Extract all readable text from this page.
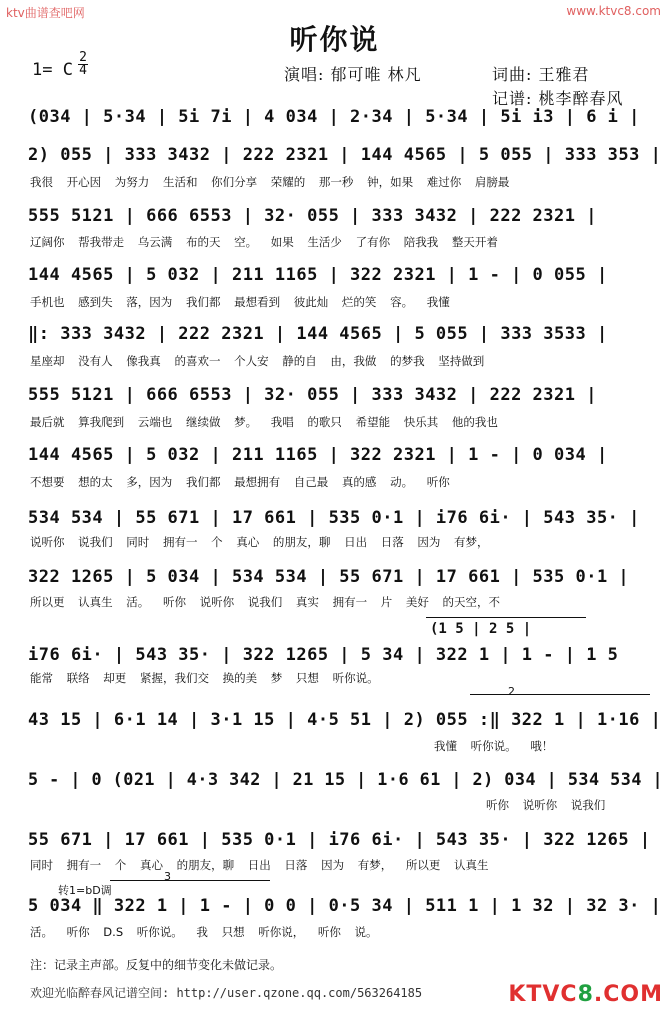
ktv曲谱查吧网	www.ktvc8.com
听你说
1= C
2
4	演唱: 郁可唯 林凡	词曲: 王雅君
记谱: 桃李醉春风
(034 | 5·34 | 5i 7i | 4 034 | 2·34 | 5·34 | 5i i3 | 6 i |
2) 055 | 333 3432 | 222 2321 | 144 4565 | 5 055 | 333 353 |
我很 开心因 为努力 生活和 你们分享 荣耀的 那一秒 钟，如果 难过你 肩膀最
555 5121 | 666 6553 | 32· 055 | 333 3432 | 222 2321 |
辽阔你 帮我带走 乌云满 布的天 空。 如果 生活少 了有你 陪我我 整天开着
144 4565 | 5 032 | 211 1165 | 322 2321 | 1 - | 0 055 |
手机也 感到失 落，因为 我们都 最想看到 彼此灿 烂的笑 容。 我懂
‖: 333 3432 | 222 2321 | 144 4565 | 5 055 | 333 3533 |
星座却 没有人 像我真 的喜欢一 个人安 静的自 由，我做 的梦我 坚持做到
555 5121 | 666 6553 | 32· 055 | 333 3432 | 222 2321 |
最后就 算我爬到 云端也 继续做 梦。 我唱 的歌只 希望能 快乐其 他的我也
144 4565 | 5 032 | 211 1165 | 322 2321 | 1 - | 0 034 |
不想要 想的太 多，因为 我们都 最想拥有 自己最 真的感 动。 听你
534 534 | 55 671 | 17 661 | 535 0·1 | i76 6i· | 543 35· |
说听你 说我们 同时 拥有一 个 真心 的朋友，聊 日出 日落 因为 有梦，
322 1265 | 5 034 | 534 534 | 55 671 | 17 661 | 535 0·1 |
所以更 认真生 活。 听你 说听你 说我们 真实 拥有一 片 美好 的天空，不
(1 5 | 2 5 |
i76 6i· | 543 35· | 322 1265 | 5 34 | 322 1 | 1 - | 1 5
能常 联络 却更 紧握，我们交 换的美 梦 只想 听你说。
2
43 15 | 6·1 14 | 3·1 15 | 4·5 51 | 2) 055 :‖ 322 1 | 1·16 |
我懂 听你说。 哦！
5 - | 0 (021 | 4·3 342 | 21 15 | 1·6 61 | 2) 034 | 534 534 |
听你 说听你 说我们
55 671 | 17 661 | 535 0·1 | i76 6i· | 543 35· | 322 1265 |
同时 拥有一 个 真心 的朋友，聊 日出 日落 因为 有梦， 所以更 认真生
转1=bD调
3
5 034 ‖ 322 1 | 1 - | 0 0 | 0·5 34 | 511 1 | 1 32 | 32 3· |
活。 听你 D.S 听你说。 我 只想 听你说， 听你 说。
注：记录主声部。反复中的细节变化未做记录。
欢迎光临醉春风记谱空间: http://user.qzone.qq.com/563264185	KTVC8.COM
